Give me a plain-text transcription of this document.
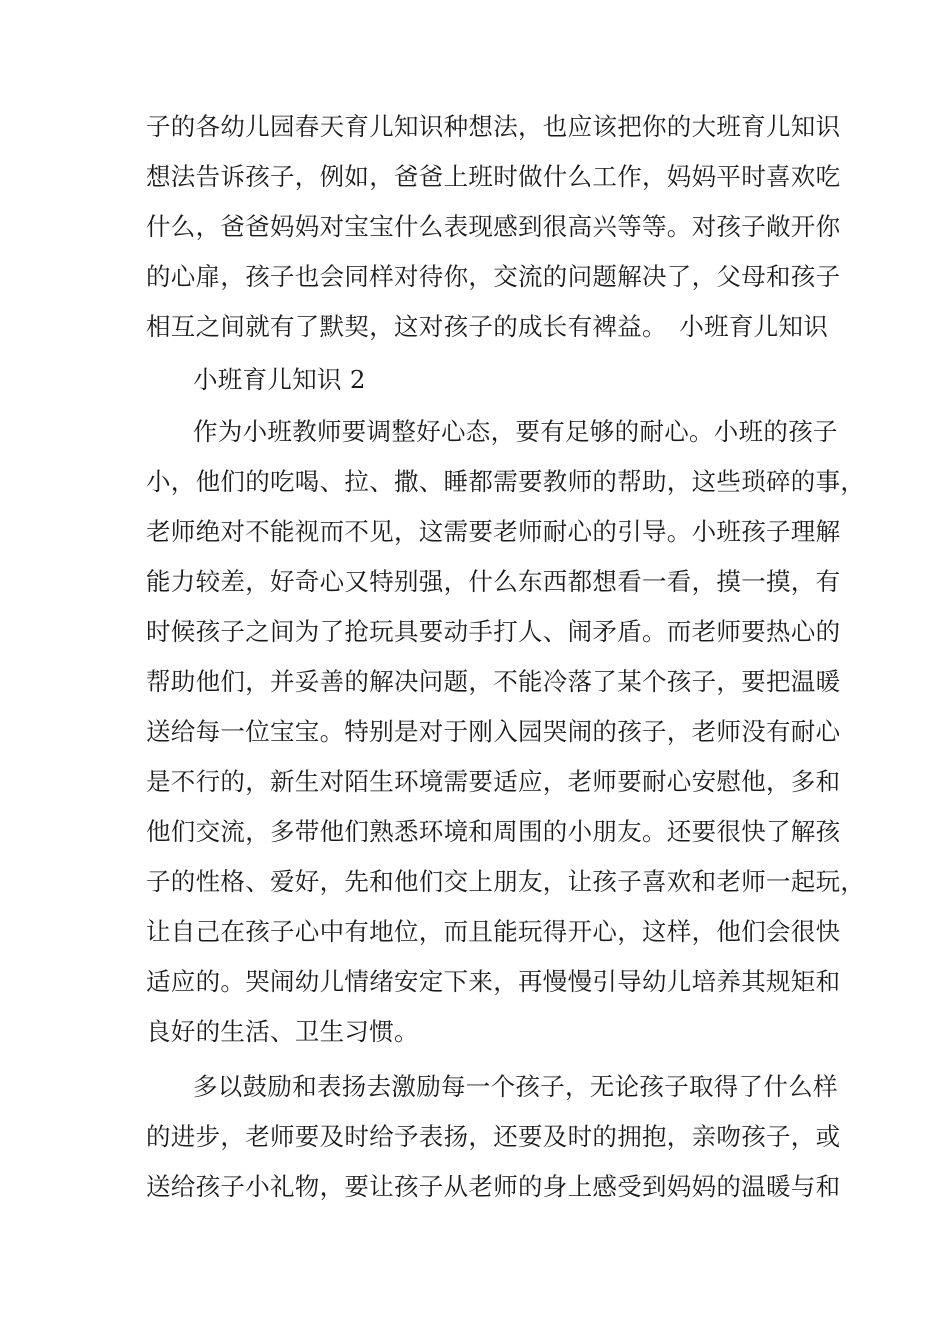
子的各幼儿园春天育儿知识种想法，也应该把你的大班育儿知识
想法告诉孩子，例如，爸爸上班时做什么工作，妈妈平时喜欢吃
什么，爸爸妈妈对宝宝什么表现感到很高兴等等。对孩子敞开你
的心扉，孩子也会同样对待你，交流的问题解决了，父母和孩子
相互之间就有了默契，这对孩子的成长有裨益。　小班育儿知识
小班育儿知识 2
作为小班教师要调整好心态，要有足够的耐心。小班的孩子
小，他们的吃喝、拉、撒、睡都需要教师的帮助，这些琐碎的事，
老师绝对不能视而不见，这需要老师耐心的引导。小班孩子理解
能力较差，好奇心又特别强，什么东西都想看一看，摸一摸，有
时候孩子之间为了抢玩具要动手打人、闹矛盾。而老师要热心的
帮助他们，并妥善的解决问题，不能冷落了某个孩子，要把温暖
送给每一位宝宝。特别是对于刚入园哭闹的孩子，老师没有耐心
是不行的，新生对陌生环境需要适应，老师要耐心安慰他，多和
他们交流，多带他们熟悉环境和周围的小朋友。还要很快了解孩
子的性格、爱好，先和他们交上朋友，让孩子喜欢和老师一起玩，
让自己在孩子心中有地位，而且能玩得开心，这样，他们会很快
适应的。哭闹幼儿情绪安定下来，再慢慢引导幼儿培养其规矩和
良好的生活、卫生习惯。
多以鼓励和表扬去激励每一个孩子，无论孩子取得了什么样
的进步，老师要及时给予表扬，还要及时的拥抱，亲吻孩子，或
送给孩子小礼物，要让孩子从老师的身上感受到妈妈的温暖与和
